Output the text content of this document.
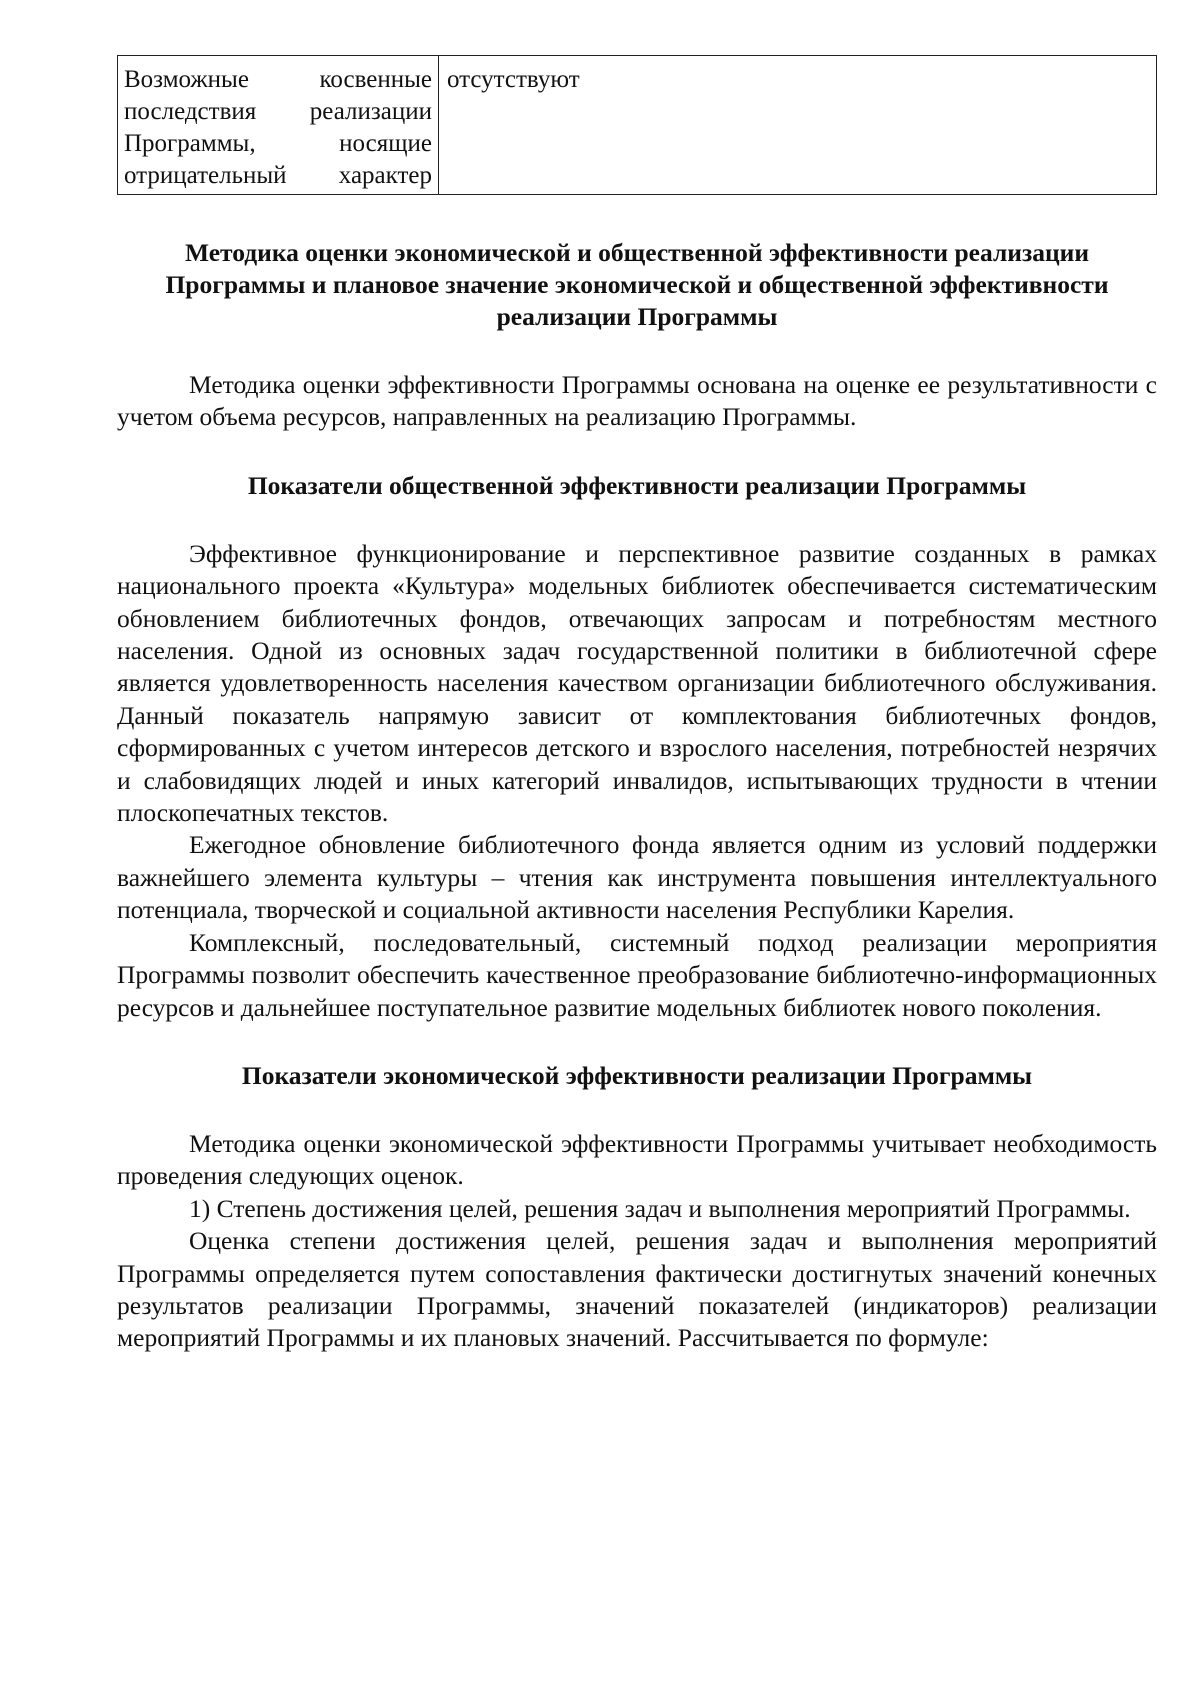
Возможные косвенные последствия реализации Программы, носящие отрицательный характер	отсутствуют
Методика оценки экономической и общественной эффективности реализации Программы и плановое значение экономической и общественной эффективности реализации Программы

Методика оценки эффективности Программы основана на оценке ее результативности с учетом объема ресурсов, направленных на реализацию Программы.

Показатели общественной эффективности реализации Программы

Эффективное функционирование и перспективное развитие созданных в рамках национального проекта «Культура» модельных библиотек обеспечивается систематическим обновлением библиотечных фондов, отвечающих запросам и потребностям местного населения. Одной из основных задач государственной политики в библиотечной сфере является удовлетворенность населения качеством организации библиотечного обслуживания. Данный показатель напрямую зависит от комплектования библиотечных фондов, сформированных с учетом интересов детского и взрослого населения, потребностей незрячих и слабовидящих людей и иных категорий инвалидов, испытывающих трудности в чтении плоскопечатных текстов.

Ежегодное обновление библиотечного фонда является одним из условий поддержки важнейшего элемента культуры – чтения как инструмента повышения интеллектуального потенциала, творческой и социальной активности населения Республики Карелия.

Комплексный, последовательный, системный подход реализации мероприятия Программы позволит обеспечить качественное преобразование библиотечно-информационных ресурсов и дальнейшее поступательное развитие модельных библиотек нового поколения.

Показатели экономической эффективности реализации Программы

Методика оценки экономической эффективности Программы учитывает необходимость проведения следующих оценок.

1) Степень достижения целей, решения задач и выполнения мероприятий Программы.

Оценка степени достижения целей, решения задач и выполнения мероприятий Программы определяется путем сопоставления фактически достигнутых значений конечных результатов реализации Программы, значений показателей (индикаторов) реализации мероприятий Программы и их плановых значений. Рассчитывается по формуле:
